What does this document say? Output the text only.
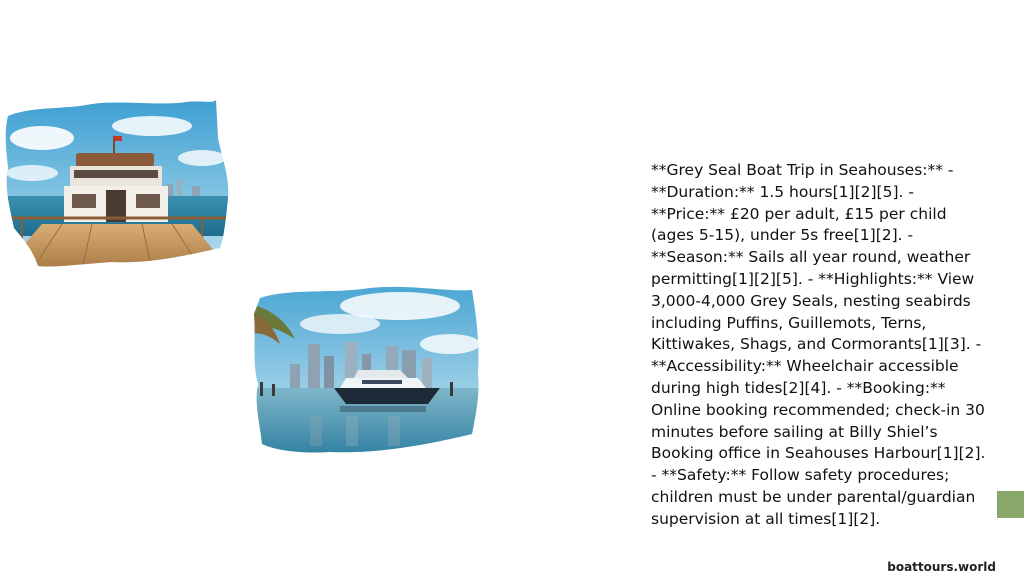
**Grey Seal Boat Trip in Seahouses:** - **Duration:** 1.5 hours[1][2][5]. - **Price:** £20 per adult, £15 per child (ages 5-15), under 5s free[1][2]. - **Season:** Sails all year round, weather permitting[1][2][5]. - **Highlights:** View 3,000-4,000 Grey Seals, nesting seabirds including Puffins, Guillemots, Terns, Kittiwakes, Shags, and Cormorants[1][3]. - **Accessibility:** Wheelchair accessible during high tides[2][4]. - **Booking:** Online booking recommended; check-in 30 minutes before sailing at Billy Shiel’s Booking office in Seahouses Harbour[1][2]. - **Safety:** Follow safety procedures; children must be under parental/guardian supervision at all times[1][2].

boattours.world
